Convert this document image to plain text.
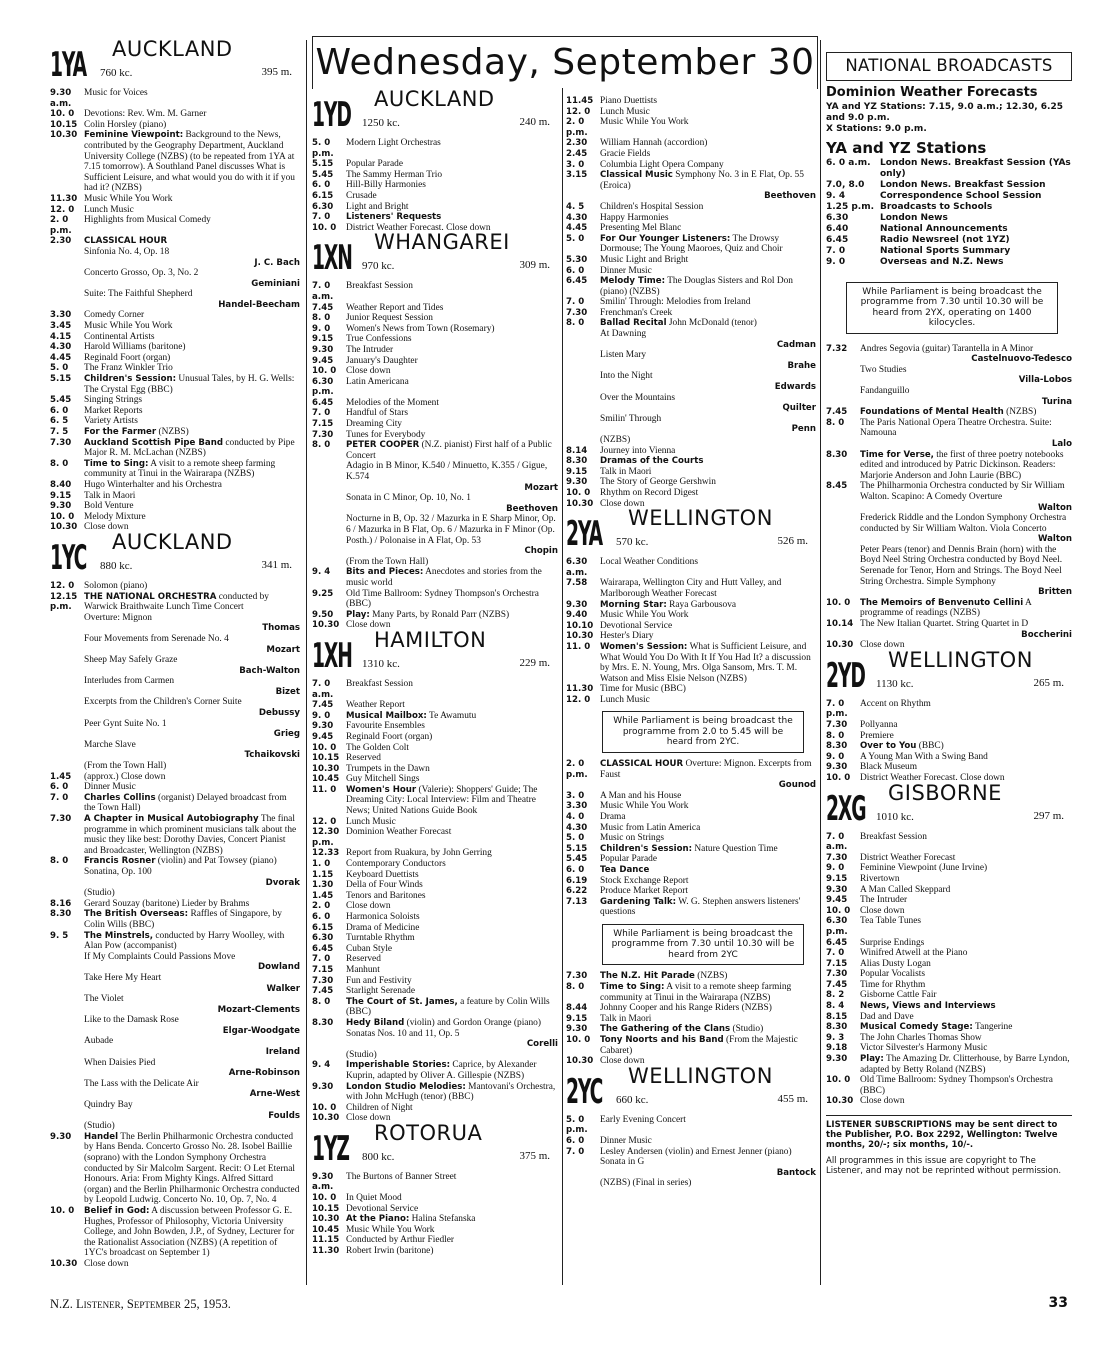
Wednesday, September 30
1YA AUCKLAND
760 kc.	395 m.
9.30 a.m.
Music for Voices
10. 0	Devotions: Rev. Wm. M. Garner
10.15 Colin Horsley (piano)
10.30 Feminine Viewpoint: Background to the News, contributed by the Geography Department, Auckland University College (NZBS) (to be repeated from 1YA at 7.15 tomorrow). A Southland Panel discusses What is Sufficient Leisure, and what would you do with it if you had it? (NZBS)
11.30 Music While You Work
12. 0	Lunch Music
2. 0 p.m.
Highlights from Musical Comedy
2.30	CLASSICAL HOUR
Sinfonia No. 4, Op. 18
J. C. Bach
Concerto Grosso, Op. 3, No. 2
Geminiani
Suite: The Faithful Shepherd
Handel-Beecham
3.30	Comedy Corner
3.45	Music While You Work
4.15	Continental Artists
4.30	Harold Williams (baritone)
4.45	Reginald Foort (organ)
5. 0	The Franz Winkler Trio
5.15	Children's Session: Unusual Tales, by H. G. Wells: The Crystal Egg (BBC)
5.45	Singing Strings
6. 0	Market Reports
6. 5	Variety Artists
7. 5	For the Farmer (NZBS)
7.30	Auckland Scottish Pipe Band conducted by Pipe Major R. M. McLachan (NZBS)
8. 0	Time to Sing: A visit to a remote sheep farming community at Tinui in the Wairarapa (NZBS)
8.40	Hugo Winterhalter and his Orchestra
9.15	Talk in Maori
9.30	Bold Venture
10. 0	Melody Mixture
10.30 Close down
1YC AUCKLAND
880 kc.	341 m.
12. 0	Solomon (piano)
12.15 p.m.
THE NATIONAL ORCHESTRA conducted by Warwick Braithwaite Lunch Time Concert
Overture: Mignon
Thomas
Four Movements from Serenade No. 4
Mozart
Sheep May Safely Graze
Bach-Walton
Interludes from Carmen
Bizet
Excerpts from the Children's Corner Suite
Debussy
Peer Gynt Suite No. 1
Grieg
Marche Slave
Tchaikovski
(From the Town Hall)
1.45	(approx.) Close down
6. 0	Dinner Music
7. 0	Charles Collins (organist) Delayed broadcast from the Town Hall)
7.30	A Chapter in Musical Autobiography The final programme in which prominent musicians talk about the music they like best: Dorothy Davies, Concert Pianist and Broadcaster, Wellington (NZBS)
8. 0	Francis Rosner (violin) and Pat Towsey (piano)
Sonatina, Op. 100
Dvorak
(Studio)
8.16	Gerard Souzay (baritone) Lieder by Brahms
8.30	The British Overseas: Raffles of Singapore, by Colin Wills (BBC)
9. 5	The Minstrels, conducted by Harry Woolley, with Alan Pow (accompanist)
If My Complaints Could Passions Move
Dowland
Take Here My Heart
Walker
The Violet
Mozart-Clements
Like to the Damask Rose
Elgar-Woodgate
Aubade
Ireland
When Daisies Pied
Arne-Robinson
The Lass with the Delicate Air
Arne-West
Quindry Bay
Foulds
(Studio)
9.30	Handel The Berlin Philharmonic Orchestra conducted by Hans Benda. Concerto Grosso No. 28. Isobel Baillie (soprano) with the London Symphony Orchestra conducted by Sir Malcolm Sargent. Recit: O Let Eternal Honours. Aria: From Mighty Kings. Alfred Sittard (organ) and the Berlin Philharmonic Orchestra conducted by Leopold Ludwig. Concerto No. 10, Op. 7, No. 4
10. 0	Belief in God: A discussion between Professor G. E. Hughes, Professor of Philosophy, Victoria University College, and John Bowden, J.P., of Sydney, Lecturer for the Rationalist Association (NZBS) (A repetition of 1YC's broadcast on September 1)
10.30 Close down
1YD AUCKLAND
1250 kc.	240 m.
5. 0 p.m.
Modern Light Orchestras
5.15	Popular Parade
5.45	The Sammy Herman Trio
6. 0	Hill-Billy Harmonies
6.15	Crusade
6.30	Light and Bright
7. 0	Listeners' Requests
10. 0	District Weather Forecast. Close down
1XN WHANGAREI
970 kc.	309 m.
7. 0 a.m.
Breakfast Session
7.45	Weather Report and Tides
8. 0	Junior Request Session
9. 0	Women's News from Town (Rosemary)
9.15	True Confessions
9.30	The Intruder
9.45	January's Daughter
10. 0	Close down
6.30 p.m.
Latin Americana
6.45	Melodies of the Moment
7. 0	Handful of Stars
7.15	Dreaming City
7.30	Tunes for Everybody
8. 0	PETER COOPER (N.Z. pianist) First half of a Public Concert
Adagio in B Minor, K.540 / Minuetto, K.355 / Gigue, K.574
Mozart
Sonata in C Minor, Op. 10, No. 1
Beethoven
Nocturne in B, Op. 32 / Mazurka in E Sharp Minor, Op. 6 / Mazurka in B Flat, Op. 6 / Mazurka in F Minor (Op. Posth.) / Polonaise in A Flat, Op. 53
Chopin
(From the Town Hall)
9. 4	Bits and Pieces: Anecdotes and stories from the music world
9.25	Old Time Ballroom: Sydney Thompson's Orchestra (BBC)
9.50	Play: Many Parts, by Ronald Parr (NZBS)
10.30 Close down
1XH HAMILTON
1310 kc.	229 m.
7. 0 a.m.
Breakfast Session
7.45	Weather Report
9. 0	Musical Mailbox: Te Awamutu
9.30	Favourite Ensembles
9.45	Reginald Foort (organ)
10. 0	The Golden Colt
10.15 Reserved
10.30 Trumpets in the Dawn
10.45 Guy Mitchell Sings
11. 0	Women's Hour (Valerie): Shoppers' Guide; The Dreaming City: Local Interview: Film and Theatre News; United Nations Guide Book
12. 0	Lunch Music
12.30 p.m.
Dominion Weather Forecast
12.33 Report from Ruakura, by John Gerring
1. 0	Contemporary Conductors
1.15	Keyboard Duettists
1.30	Della of Four Winds
1.45	Tenors and Baritones
2. 0	Close down
6. 0	Harmonica Soloists
6.15	Drama of Medicine
6.30	Turntable Rhythm
6.45	Cuban Style
7. 0	Reserved
7.15	Manhunt
7.30	Fun and Festivity
7.45	Starlight Serenade
8. 0	The Court of St. James, a feature by Colin Wills (BBC)
8.30	Hedy Biland (violin) and Gordon Orange (piano) Sonatas Nos. 10 and 11, Op. 5
Corelli
(Studio)
9. 4	Imperishable Stories: Caprice, by Alexander Kuprin, adapted by Oliver A. Gillespie (NZBS)
9.30	London Studio Melodies: Mantovani's Orchestra, with John McHugh (tenor) (BBC)
10. 0	Children of Night
10.30 Close down
1YZ ROTORUA
800 kc.	375 m.
9.30 a.m.
The Burtons of Banner Street
10. 0	In Quiet Mood
10.15 Devotional Service
10.30 At the Piano: Halina Stefanska
10.45 Music While You Work
11.15 Conducted by Arthur Fiedler
11.30 Robert Irwin (baritone)
11.45 Piano Duettists
12. 0	Lunch Music
2. 0 p.m.
Music While You Work
2.30	William Hannah (accordion)
2.45	Gracie Fields
3. 0	Columbia Light Opera Company
3.15	Classical Music Symphony No. 3 in E Flat, Op. 55 (Eroica)
Beethoven
4. 5	Children's Hospital Session
4.30	Happy Harmonies
4.45	Presenting Mel Blanc
5. 0	For Our Younger Listeners: The Drowsy Dormouse; The Young Maoroes, Quiz and Choir
5.30	Music Light and Bright
6. 0	Dinner Music
6.45	Melody Time: The Douglas Sisters and Rol Don (piano) (NZBS)
7. 0	Smilin' Through: Melodies from Ireland
7.30	Frenchman's Creek
8. 0	Ballad Recital John McDonald (tenor)
At Dawning
Cadman
Listen Mary
Brahe
Into the Night
Edwards
Over the Mountains
Quilter
Smilin' Through
Penn
(NZBS)
8.14	Journey into Vienna
8.30	Dramas of the Courts
9.15	Talk in Maori
9.30	The Story of George Gershwin
10. 0	Rhythm on Record Digest
10.30 Close down
2YA WELLINGTON
570 kc.	526 m.
6.30 a.m.
Local Weather Conditions
7.58	Wairarapa, Wellington City and Hutt Valley, and Marlborough Weather Forecast
9.30	Morning Star: Raya Garbousova
9.40	Music While You Work
10.10 Devotional Service
10.30 Hester's Diary
11. 0	Women's Session: What is Sufficient Leisure, and What Would You Do With It If You Had It? a discussion by Mrs. E. N. Young, Mrs. Olga Sansom, Mrs. T. M. Watson and Miss Elsie Nelson (NZBS)
11.30 Time for Music (BBC)
12. 0	Lunch Music
While Parliament is being broadcast the programme from 2.0 to 5.45 will be heard from 2YC.
2. 0 p.m.
CLASSICAL HOUR Overture: Mignon. Excerpts from Faust
Gounod
3. 0	A Man and his House
3.30	Music While You Work
4. 0	Drama
4.30	Music from Latin America
5. 0	Music on Strings
5.15	Children's Session: Nature Question Time
5.45	Popular Parade
6. 0	Tea Dance
6.19	Stock Exchange Report
6.22	Produce Market Report
7.13	Gardening Talk: W. G. Stephen answers listeners' questions
While Parliament is being broadcast the programme from 7.30 until 10.30 will be heard from 2YC
7.30	The N.Z. Hit Parade (NZBS)
8. 0	Time to Sing: A visit to a remote sheep farming community at Tinui in the Wairarapa (NZBS)
8.44	Johnny Cooper and his Range Riders (NZBS)
9.15	Talk in Maori
9.30	The Gathering of the Clans (Studio)
10. 0	Tony Noorts and his Band (From the Majestic Cabaret)
10.30 Close down
2YC WELLINGTON
660 kc.	455 m.
5. 0 p.m.
Early Evening Concert
6. 0	Dinner Music
7. 0	Lesley Andersen (violin) and Ernest Jenner (piano)
Sonata in G
Bantock
(NZBS) (Final in series)
NATIONAL BROADCASTS
Dominion Weather Forecasts
YA and YZ Stations: 7.15, 9.0 a.m.; 12.30, 6.25 and 9.0 p.m.
X Stations: 9.0 p.m.
YA and YZ Stations
6. 0 a.m.	London News. Breakfast Session (YAs only)
7.0, 8.0	London News. Breakfast Session
9. 4	Correspondence School Session
1.25 p.m. Broadcasts to Schools
6.30	London News
6.40	National Announcements
6.45	Radio Newsreel (not 1YZ)
7. 0	National Sports Summary
9. 0	Overseas and N.Z. News
While Parliament is being broadcast the programme from 7.30 until 10.30 will be heard from 2YX, operating on 1400 kilocycles.
7.32	Andres Segovia (guitar) Tarantella in A Minor
Castelnuovo-Tedesco
Two Studies
Villa-Lobos
Fandanguillo
Turina
7.45	Foundations of Mental Health (NZBS)
8. 0	The Paris National Opera Theatre Orchestra. Suite: Namouna
Lalo
8.30	Time for Verse, the first of three poetry notebooks edited and introduced by Patric Dickinson. Readers: Marjorie Anderson and John Laurie (BBC)
8.45	The Philharmonia Orchestra conducted by Sir William Walton. Scapino: A Comedy Overture
Walton
Frederick Riddle and the London Symphony Orchestra conducted by Sir William Walton. Viola Concerto
Walton
Peter Pears (tenor) and Dennis Brain (horn) with the Boyd Neel String Orchestra conducted by Boyd Neel. Serenade for Tenor, Horn and Strings. The Boyd Neel String Orchestra. Simple Symphony
Britten
10. 0	The Memoirs of Benvenuto Cellini A programme of readings (NZBS)
10.14 The New Italian Quartet. String Quartet in D
Boccherini
10.30 Close down
2YD WELLINGTON
1130 kc.	265 m.
7. 0 p.m.
Accent on Rhythm
7.30	Pollyanna
8. 0	Premiere
8.30	Over to You (BBC)
9. 0	A Young Man With a Swing Band
9.30	Black Museum
10. 0	District Weather Forecast. Close down
2XG GISBORNE
1010 kc.	297 m.
7. 0 a.m.
Breakfast Session
7.30	District Weather Forecast
9. 0	Feminine Viewpoint (June Irvine)
9.15	Rivertown
9.30	A Man Called Skeppard
9.45	The Intruder
10. 0	Close down
6.30 p.m.
Tea Table Tunes
6.45	Surprise Endings
7. 0	Winifred Atwell at the Piano
7.15	Alias Dusty Logan
7.30	Popular Vocalists
7.45	Time for Rhythm
8. 2	Gisborne Cattle Fair
8. 4	News, Views and Interviews
8.15	Dad and Dave
8.30	Musical Comedy Stage: Tangerine
9. 3	The John Charles Thomas Show
9.18	Victor Silvester's Harmony Music
9.30	Play: The Amazing Dr. Clitterhouse, by Barre Lyndon, adapted by Betty Roland (NZBS)
10. 0	Old Time Ballroom: Sydney Thompson's Orchestra (BBC)
10.30 Close down
LISTENER SUBSCRIPTIONS may be sent direct to the Publisher, P.O. Box 2292, Wellington: Twelve months, 20/-; six months, 10/-.
All programmes in this issue are copyright to The Listener, and may not be reprinted without permission.
N.Z. Listener, September 25, 1953.	33
